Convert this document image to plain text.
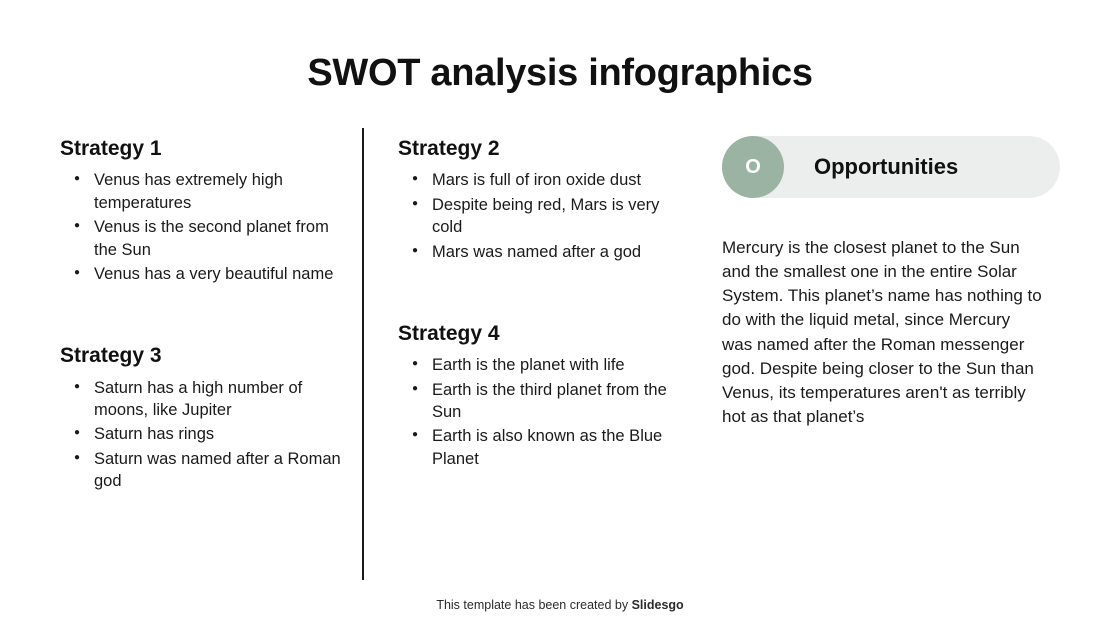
SWOT analysis infographics
Strategy 1
● Venus has extremely high temperatures
● Venus is the second planet from the Sun
● Venus has a very beautiful name
Strategy 3
● Saturn has a high number of moons, like Jupiter
● Saturn has rings
● Saturn was named after a Roman god
Strategy 2
● Mars is full of iron oxide dust
● Despite being red, Mars is very cold
● Mars was named after a god
Strategy 4
● Earth is the planet with life
● Earth is the third planet from the Sun
● Earth is also known as the Blue Planet
O Opportunities
Mercury is the closest planet to the Sun and the smallest one in the entire Solar System. This planet’s name has nothing to do with the liquid metal, since Mercury was named after the Roman messenger god. Despite being closer to the Sun than Venus, its temperatures aren't as terribly hot as that planet’s
This template has been created by Slidesgo
